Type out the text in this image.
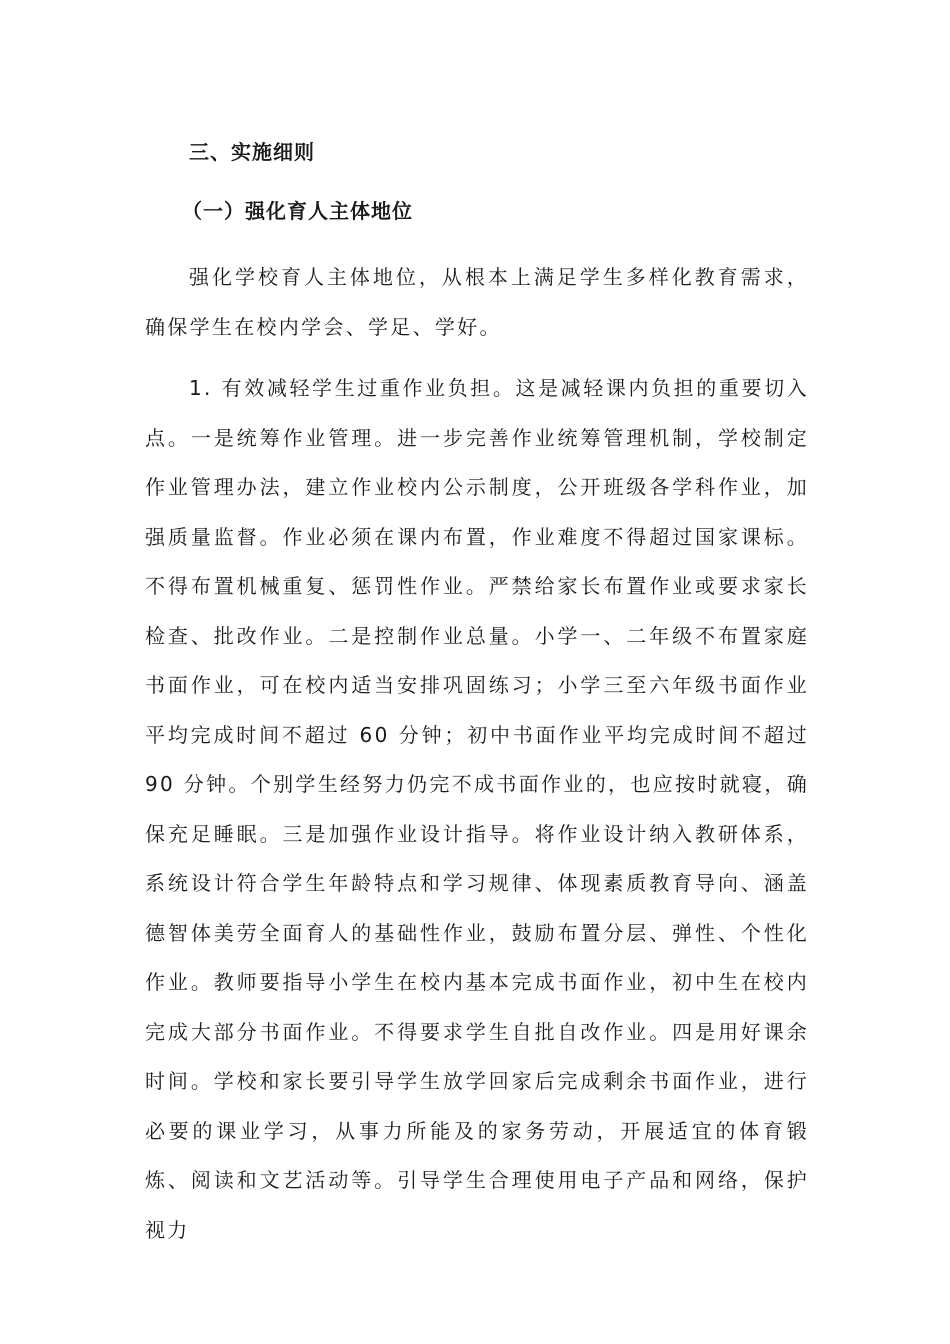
三、实施细则
（一）强化育人主体地位

强化学校育人主体地位，从根本上满足学生多样化教育需求，确保学生在校内学会、学足、学好。

1. 有效减轻学生过重作业负担。这是减轻课内负担的重要切入点。一是统筹作业管理。进一步完善作业统筹管理机制，学校制定作业管理办法，建立作业校内公示制度，公开班级各学科作业，加强质量监督。作业必须在课内布置，作业难度不得超过国家课标。不得布置机械重复、惩罚性作业。严禁给家长布置作业或要求家长检查、批改作业。二是控制作业总量。小学一、二年级不布置家庭书面作业，可在校内适当安排巩固练习；小学三至六年级书面作业平均完成时间不超过 60 分钟；初中书面作业平均完成时间不超过 90 分钟。个别学生经努力仍完不成书面作业的，也应按时就寝，确保充足睡眠。三是加强作业设计指导。将作业设计纳入教研体系，系统设计符合学生年龄特点和学习规律、体现素质教育导向、涵盖德智体美劳全面育人的基础性作业，鼓励布置分层、弹性、个性化作业。教师要指导小学生在校内基本完成书面作业，初中生在校内完成大部分书面作业。不得要求学生自批自改作业。四是用好课余时间。学校和家长要引导学生放学回家后完成剩余书面作业，进行必要的课业学习，从事力所能及的家务劳动，开展适宜的体育锻炼、阅读和文艺活动等。引导学生合理使用电子产品和网络，保护视力
